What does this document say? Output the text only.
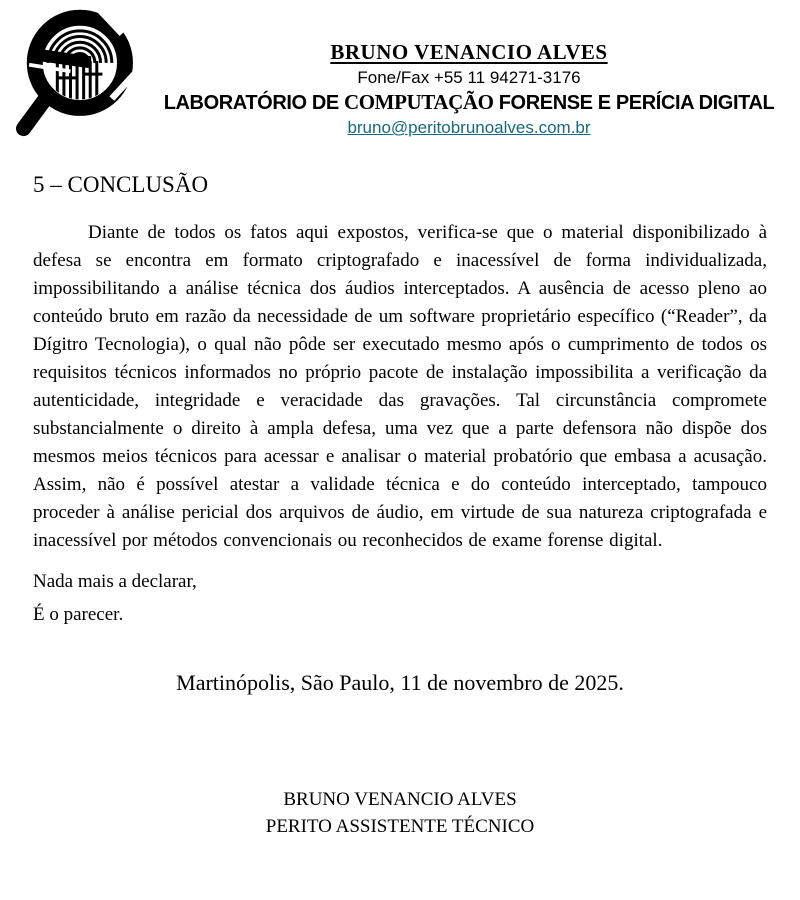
BRUNO VENANCIO ALVES
Fone/Fax +55 11 94271-3176
LABORATÓRIO DE COMPUTAÇÃO FORENSE E PERÍCIA DIGITAL
bruno@peritobrunoalves.com.br
5 – CONCLUSÃO

Diante de todos os fatos aqui expostos, verifica-se que o material disponibilizado à defesa se encontra em formato criptografado e inacessível de forma individualizada, impossibilitando a análise técnica dos áudios interceptados. A ausência de acesso pleno ao conteúdo bruto em razão da necessidade de um software proprietário específico (“Reader”, da Dígitro Tecnologia), o qual não pôde ser executado mesmo após o cumprimento de todos os requisitos técnicos informados no próprio pacote de instalação impossibilita a verificação da autenticidade, integridade e veracidade das gravações. Tal circunstância compromete substancialmente o direito à ampla defesa, uma vez que a parte defensora não dispõe dos mesmos meios técnicos para acessar e analisar o material probatório que embasa a acusação. Assim, não é possível atestar a validade técnica e do conteúdo interceptado, tampouco proceder à análise pericial dos arquivos de áudio, em virtude de sua natureza criptografada e inacessível por métodos convencionais ou reconhecidos de exame forense digital.

Nada mais a declarar,

É o parecer.

Martinópolis, São Paulo, 11 de novembro de 2025.

BRUNO VENANCIO ALVES
PERITO ASSISTENTE TÉCNICO
